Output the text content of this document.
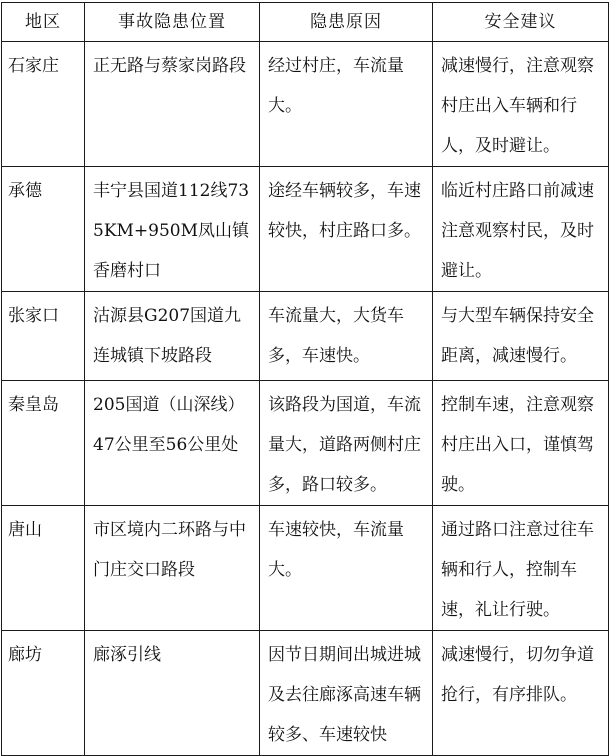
地区	事故隐患位置	隐患原因	安全建议
石家庄	正无路与蔡家岗路段	经过村庄，车流量大。	减速慢行，注意观察村庄出入车辆和行人，及时避让。
承德	丰宁县国道112线735KM+950M凤山镇香磨村口	途经车辆较多，车速较快，村庄路口多。	临近村庄路口前减速注意观察村民，及时避让。
张家口	沽源县G207国道九连城镇下坡路段	车流量大，大货车多，车速快。	与大型车辆保持安全距离，减速慢行。
秦皇岛	205国道（山深线）47公里至56公里处	该路段为国道，车流量大，道路两侧村庄多，路口较多。	控制车速，注意观察村庄出入口，谨慎驾驶。
唐山	市区境内二环路与中门庄交口路段	车速较快，车流量大。	通过路口注意过往车辆和行人，控制车速，礼让行驶。
廊坊	廊涿引线	因节日期间出城进城及去往廊涿高速车辆较多、车速较快	减速慢行，切勿争道抢行，有序排队。
